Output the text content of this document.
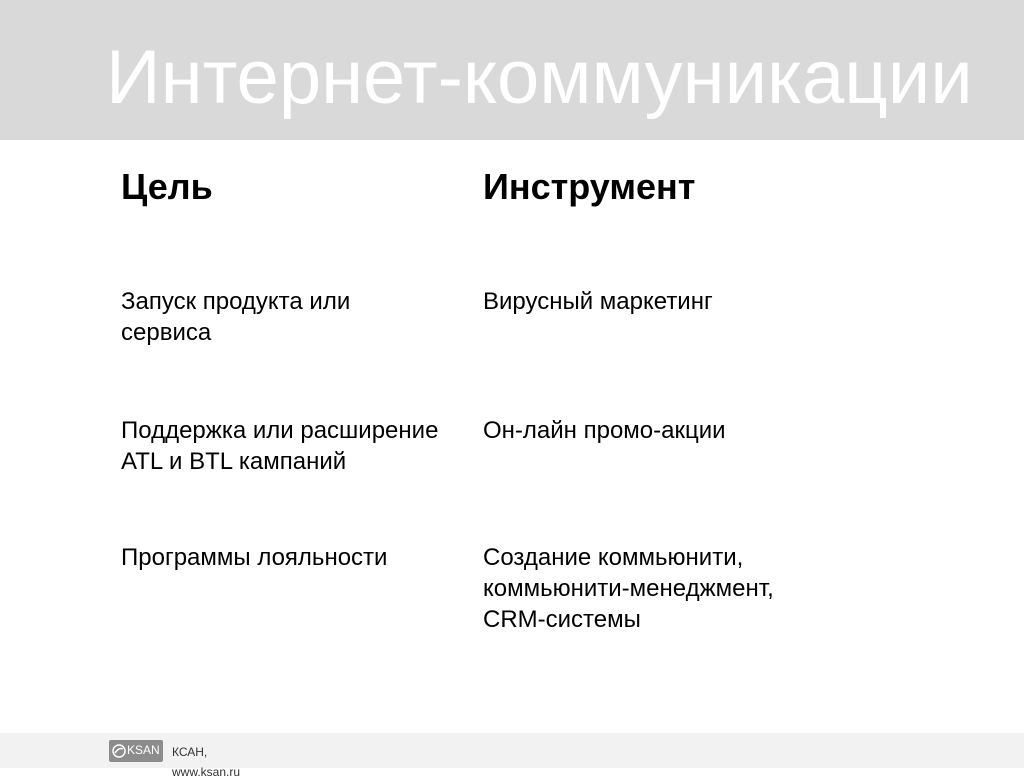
Интернет-коммуникации
Цель	Инструмент
Запуск продукта или
сервиса
Вирусный маркетинг
Поддержка или расширение
ATL и BTL кампаний
Он-лайн промо-акции
Программы лояльности	Создание коммьюнити,
коммьюнити-менеджмент,
CRM-системы
KSAN КСАН,
www.ksan.ru
